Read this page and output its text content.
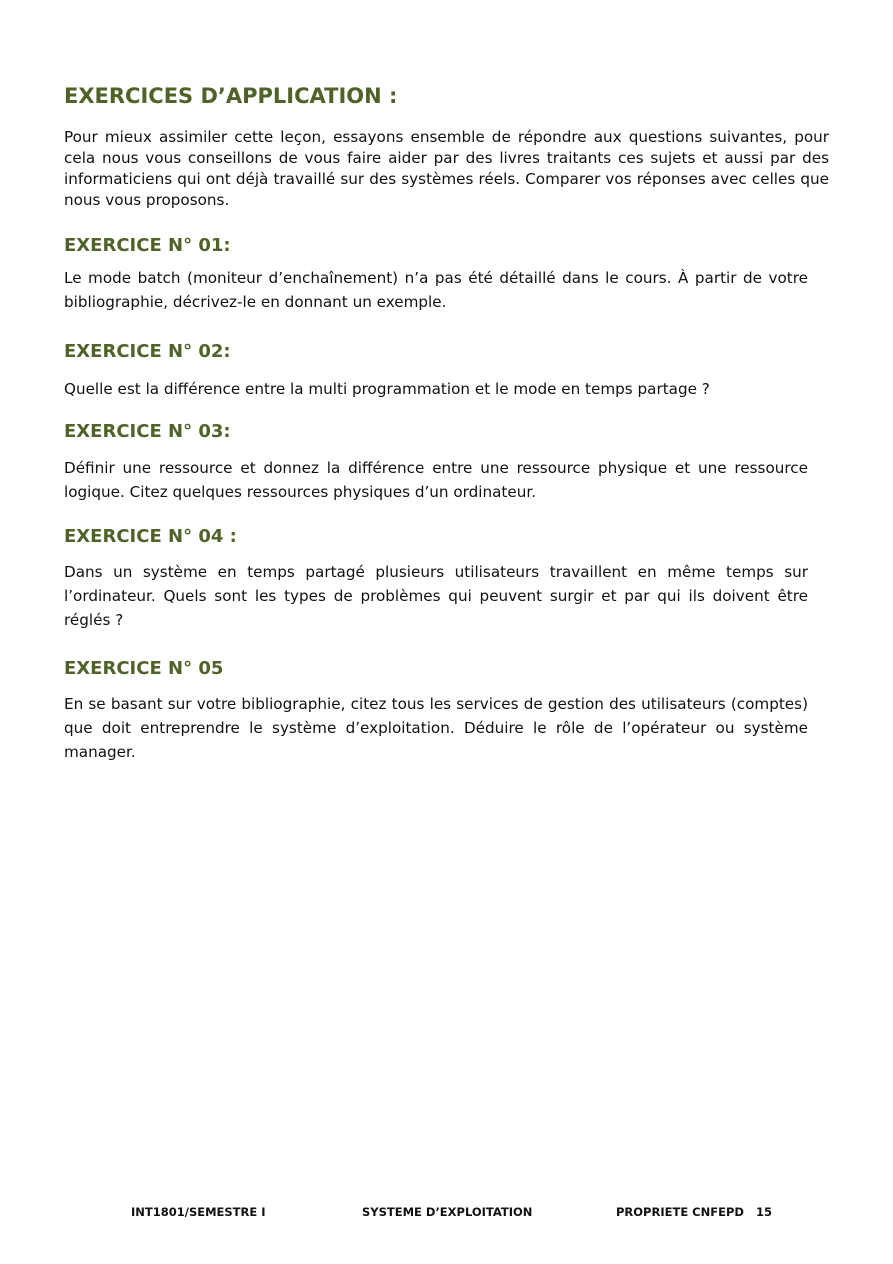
EXERCICES D’APPLICATION :

Pour mieux assimiler cette leçon, essayons ensemble de répondre aux questions suivantes, pour cela nous vous conseillons de vous faire aider par des livres traitants ces sujets et aussi par des informaticiens qui ont déjà travaillé sur des systèmes réels. Comparer vos réponses avec celles que nous vous proposons.

EXERCICE N° 01:

Le mode batch (moniteur d’enchaînement) n’a pas été détaillé dans le cours. À partir de votre bibliographie, décrivez-le en donnant un exemple.

EXERCICE N° 02:

Quelle est la différence entre la multi programmation et le mode en temps partage ?

EXERCICE N° 03:

Définir une ressource et donnez la différence entre une ressource physique et une ressource logique. Citez quelques ressources physiques d’un ordinateur.

EXERCICE N° 04 :

Dans un système en temps partagé plusieurs utilisateurs travaillent en même temps sur l’ordinateur. Quels sont les types de problèmes qui peuvent surgir et par qui ils doivent être réglés ?

EXERCICE N° 05

En se basant sur votre bibliographie, citez tous les services de gestion des utilisateurs (comptes) que doit entreprendre le système d’exploitation. Déduire le rôle de l’opérateur ou système manager.

INT1801/SEMESTRE I	SYSTEME D’EXPLOITATION	PROPRIETE CNFEPD 15
